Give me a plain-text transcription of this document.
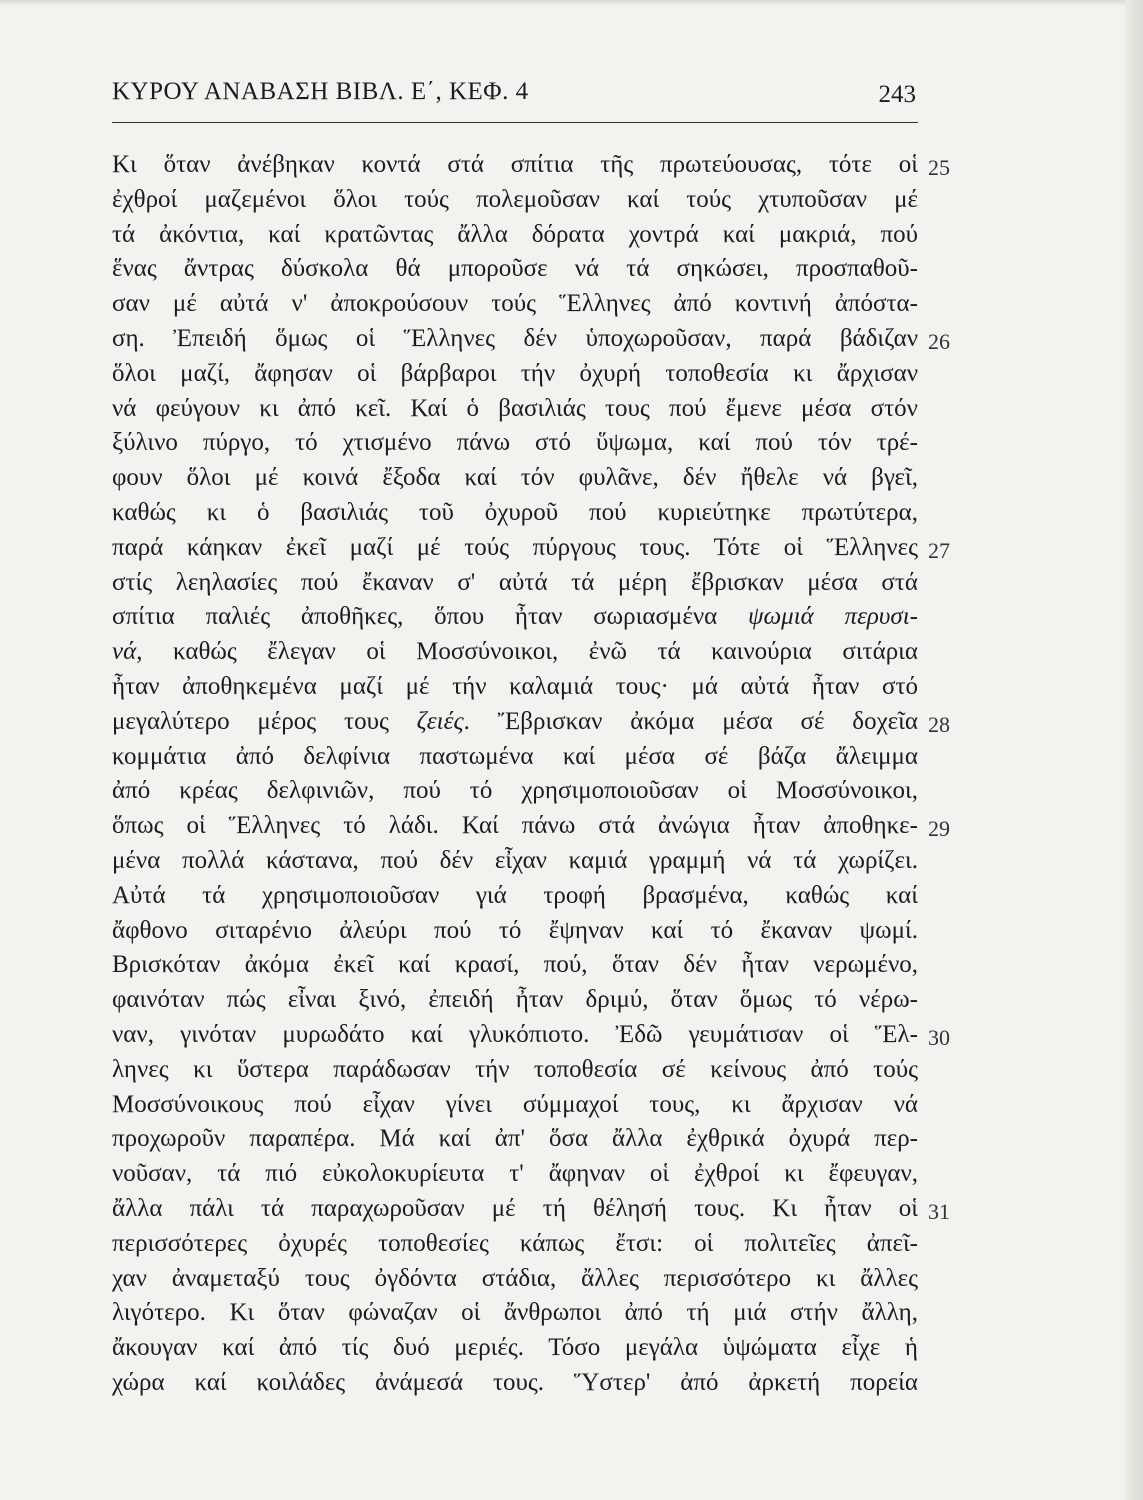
ΚΥΡΟΥ ΑΝΑΒΑΣΗ ΒΙΒΛ. Ε΄, ΚΕΦ. 4	243
Κι ὅταν ἀνέβηκαν κοντά στά σπίτια τῆς πρωτεύουσας, τότε οἱ
ἐχθροί μαζεμένοι ὅλοι τούς πολεμοῦσαν καί τούς χτυποῦσαν μέ
τά ἀκόντια, καί κρατῶντας ἄλλα δόρατα χοντρά καί μακριά, πού
ἕνας ἄντρας δύσκολα θά μποροῦσε νά τά σηκώσει, προσπαθοῦ-
σαν μέ αὐτά ν' ἀποκρούσουν τούς Ἕλληνες ἀπό κοντινή ἀπόστα-
ση. Ἐπειδή ὅμως οἱ Ἕλληνες δέν ὑποχωροῦσαν, παρά βάδιζαν
ὅλοι μαζί, ἄφησαν οἱ βάρβαροι τήν ὀχυρή τοποθεσία κι ἄρχισαν
νά φεύγουν κι ἀπό κεῖ. Καί ὁ βασιλιάς τους πού ἔμενε μέσα στόν
ξύλινο πύργο, τό χτισμένο πάνω στό ὕψωμα, καί πού τόν τρέ-
φουν ὅλοι μέ κοινά ἔξοδα καί τόν φυλᾶνε, δέν ἤθελε νά βγεῖ,
καθώς κι ὁ βασιλιάς τοῦ ὀχυροῦ πού κυριεύτηκε πρωτύτερα,
παρά κάηκαν ἐκεῖ μαζί μέ τούς πύργους τους. Τότε οἱ Ἕλληνες
στίς λεηλασίες πού ἔκαναν σ' αὐτά τά μέρη ἔβρισκαν μέσα στά
σπίτια παλιές ἀποθῆκες, ὅπου ἦταν σωριασμένα ψωμιά περυσι-
νά, καθώς ἔλεγαν οἱ Μοσσύνοικοι, ἐνῶ τά καινούρια σιτάρια
ἦταν ἀποθηκεμένα μαζί μέ τήν καλαμιά τους· μά αὐτά ἦταν στό
μεγαλύτερο μέρος τους ζειές. Ἔβρισκαν ἀκόμα μέσα σέ δοχεῖα
κομμάτια ἀπό δελφίνια παστωμένα καί μέσα σέ βάζα ἄλειμμα
ἀπό κρέας δελφινιῶν, πού τό χρησιμοποιοῦσαν οἱ Μοσσύνοικοι,
ὅπως οἱ Ἕλληνες τό λάδι. Καί πάνω στά ἀνώγια ἦταν ἀποθηκε-
μένα πολλά κάστανα, πού δέν εἶχαν καμιά γραμμή νά τά χωρίζει.
Αὐτά τά χρησιμοποιοῦσαν γιά τροφή βρασμένα, καθώς καί
ἄφθονο σιταρένιο ἀλεύρι πού τό ἔψηναν καί τό ἔκαναν ψωμί.
Βρισκόταν ἀκόμα ἐκεῖ καί κρασί, πού, ὅταν δέν ἦταν νερωμένο,
φαινόταν πώς εἶναι ξινό, ἐπειδή ἦταν δριμύ, ὅταν ὅμως τό νέρω-
ναν, γινόταν μυρωδάτο καί γλυκόπιοτο. Ἐδῶ γευμάτισαν οἱ Ἕλ-
ληνες κι ὕστερα παράδωσαν τήν τοποθεσία σέ κείνους ἀπό τούς
Μοσσύνοικους πού εἶχαν γίνει σύμμαχοί τους, κι ἄρχισαν νά
προχωροῦν παραπέρα. Μά καί ἀπ' ὅσα ἄλλα ἐχθρικά ὀχυρά περ-
νοῦσαν, τά πιό εὐκολοκυρίευτα τ' ἄφηναν οἱ ἐχθροί κι ἔφευγαν,
ἄλλα πάλι τά παραχωροῦσαν μέ τή θέλησή τους. Κι ἦταν οἱ
περισσότερες ὀχυρές τοποθεσίες κάπως ἔτσι: οἱ πολιτεῖες ἀπεῖ-
χαν ἀναμεταξύ τους ὀγδόντα στάδια, ἄλλες περισσότερο κι ἄλλες
λιγότερο. Κι ὅταν φώναζαν οἱ ἄνθρωποι ἀπό τή μιά στήν ἄλλη,
ἄκουγαν καί ἀπό τίς δυό μεριές. Τόσο μεγάλα ὑψώματα εἶχε ἡ
χώρα καί κοιλάδες ἀνάμεσά τους. Ὕστερ' ἀπό ἀρκετή πορεία
25
26
27
28
29
30
31
